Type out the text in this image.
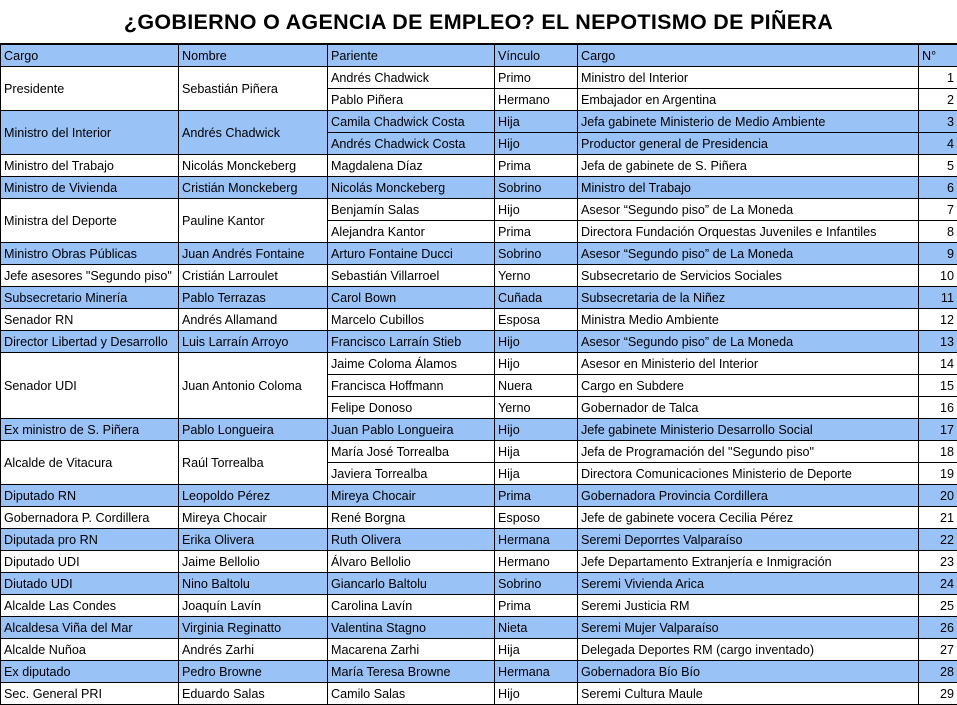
¿GOBIERNO O AGENCIA DE EMPLEO? EL NEPOTISMO DE PIÑERA
Cargo	Nombre	Pariente	Vínculo	Cargo	N°
Presidente	Sebastián Piñera	Andrés Chadwick	Primo	Ministro del Interior	1
		Pablo Piñera	Hermano	Embajador en Argentina	2
Ministro del Interior	Andrés Chadwick	Camila Chadwick Costa	Hija	Jefa gabinete Ministerio de Medio Ambiente	3
		Andrés Chadwick Costa	Hijo	Productor general de Presidencia	4
Ministro del Trabajo	Nicolás Monckeberg	Magdalena Díaz	Prima	Jefa de gabinete de S. Piñera	5
Ministro de Vivienda	Cristián Monckeberg	Nicolás Monckeberg	Sobrino	Ministro del Trabajo	6
Ministra del Deporte	Pauline Kantor	Benjamín Salas	Hijo	Asesor “Segundo piso” de La Moneda	7
		Alejandra Kantor	Prima	Directora Fundación Orquestas Juveniles e Infantiles	8
Ministro Obras Públicas	Juan Andrés Fontaine	Arturo Fontaine Ducci	Sobrino	Asesor “Segundo piso” de La Moneda	9
Jefe asesores "Segundo piso"	Cristián Larroulet	Sebastián Villarroel	Yerno	Subsecretario de Servicios Sociales	10
Subsecretario Minería	Pablo Terrazas	Carol Bown	Cuñada	Subsecretaria de la Niñez	11
Senador RN	Andrés Allamand	Marcelo Cubillos	Esposa	Ministra Medio Ambiente	12
Director Libertad y Desarrollo	Luis Larraín Arroyo	Francisco Larraín Stieb	Hijo	Asesor “Segundo piso” de La Moneda	13
Senador UDI	Juan Antonio Coloma	Jaime Coloma Álamos	Hijo	Asesor en Ministerio del Interior	14
		Francisca Hoffmann	Nuera	Cargo en Subdere	15
		Felipe Donoso	Yerno	Gobernador de Talca	16
Ex ministro de S. Piñera	Pablo Longueira	Juan Pablo Longueira	Hijo	Jefe gabinete Ministerio Desarrollo Social	17
Alcalde de Vitacura	Raúl Torrealba	María José Torrealba	Hija	Jefa de Programación del "Segundo piso"	18
		Javiera Torrealba	Hija	Directora Comunicaciones Ministerio de Deporte	19
Diputado RN	Leopoldo Pérez	Mireya Chocair	Prima	Gobernadora Provincia Cordillera	20
Gobernadora P. Cordillera	Mireya Chocair	René Borgna	Esposo	Jefe de gabinete vocera Cecilia Pérez	21
Diputada pro RN	Erika Olivera	Ruth Olivera	Hermana	Seremi Deporrtes Valparaíso	22
Diputado UDI	Jaime Bellolio	Álvaro Bellolio	Hermano	Jefe Departamento Extranjería e Inmigración	23
Diutado UDI	Nino Baltolu	Giancarlo Baltolu	Sobrino	Seremi Vivienda Arica	24
Alcalde Las Condes	Joaquín Lavín	Carolina Lavín	Prima	Seremi Justicia RM	25
Alcaldesa Viña del Mar	Virginia Reginatto	Valentina Stagno	Nieta	Seremi Mujer Valparaíso	26
Alcalde Nuñoa	Andrés Zarhi	Macarena Zarhi	Hija	Delegada Deportes RM (cargo inventado)	27
Ex diputado	Pedro Browne	María Teresa Browne	Hermana	Gobernadora Bío Bío	28
Sec. General PRI	Eduardo Salas	Camilo Salas	Hijo	Seremi Cultura Maule	29
